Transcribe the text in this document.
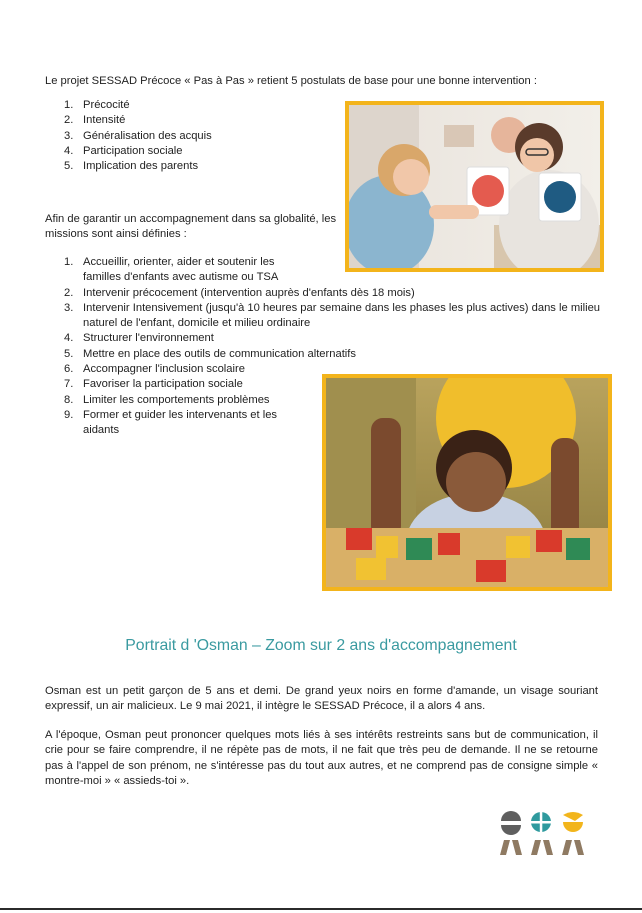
Le projet SESSAD Précoce « Pas à Pas » retient 5 postulats de base pour une bonne intervention :

1. Précocité
2. Intensité
3. Généralisation des acquis
4. Participation sociale
5. Implication des parents

Afin de garantir un accompagnement dans sa globalité, les missions sont ainsi définies :

1. Accueillir, orienter, aider et soutenir les familles d'enfants avec autisme ou TSA
2. Intervenir précocement (intervention auprès d'enfants dès 18 mois)
3. Intervenir Intensivement (jusqu'à 10 heures par semaine dans les phases les plus actives) dans le milieu naturel de l'enfant, domicile et milieu ordinaire
4. Structurer l'environnement
5. Mettre en place des outils de communication alternatifs
6. Accompagner l'inclusion scolaire
7. Favoriser la participation sociale
8. Limiter les comportements problèmes
9. Former et guider les intervenants et les aidants
Portrait d 'Osman – Zoom sur 2 ans d'accompagnement

Osman est un petit garçon de 5 ans et demi. De grand yeux noirs en forme d'amande, un visage souriant expressif, un air malicieux. Le 9 mai 2021, il intègre le SESSAD Précoce, il a alors 4 ans.

A l'époque, Osman peut prononcer quelques mots liés à ses intérêts restreints sans but de communication, il crie pour se faire comprendre, il ne répète pas de mots, il ne fait que très peu de demande. Il ne se retourne pas à l'appel de son prénom, ne s'intéresse pas du tout aux autres, et ne comprend pas de consigne simple « montre-moi » « assieds-toi ».
